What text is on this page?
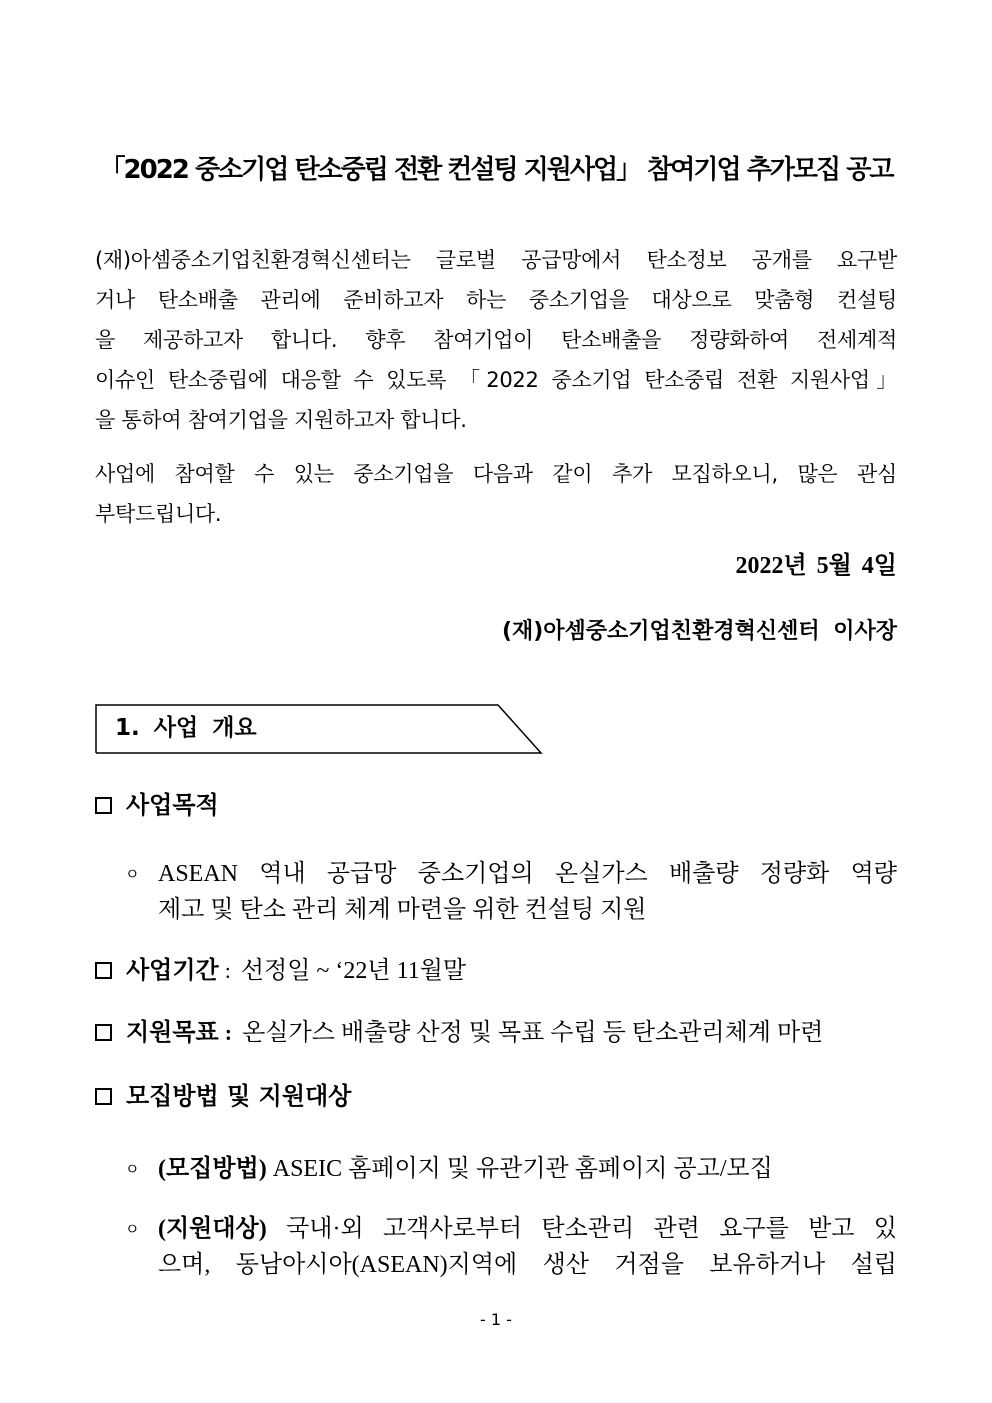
「2022 중소기업 탄소중립 전환 컨설팅 지원사업」 참여기업 추가모집 공고
(재)아셈중소기업친환경혁신센터는 글로벌 공급망에서 탄소정보 공개를 요구받
거나 탄소배출 관리에 준비하고자 하는 중소기업을 대상으로 맞춤형 컨설팅
을 제공하고자 합니다. 향후 참여기업이 탄소배출을 정량화하여 전세계적
이슈인 탄소중립에 대응할 수 있도록 「2022 중소기업 탄소중립 전환 지원사업」
을 통하여 참여기업을 지원하고자 합니다.
사업에 참여할 수 있는 중소기업을 다음과 같이 추가 모집하오니, 많은 관심
부탁드립니다.
2022년 5월 4일
(재)아셈중소기업친환경혁신센터 이사장
1. 사업 개요
사업목적
ㅇ ASEAN 역내 공급망 중소기업의 온실가스 배출량 정량화 역량
제고 및 탄소 관리 체계 마련을 위한 컨설팅 지원
사업기간 : 선정일 ~ ‘22년 11월말
지원목표 : 온실가스 배출량 산정 및 목표 수립 등 탄소관리체계 마련
모집방법 및 지원대상
ㅇ (모집방법) ASEIC 홈페이지 및 유관기관 홈페이지 공고/모집
ㅇ (지원대상) 국내·외 고객사로부터 탄소관리 관련 요구를 받고 있
으며, 동남아시아(ASEAN)지역에 생산 거점을 보유하거나 설립
- 1 -
